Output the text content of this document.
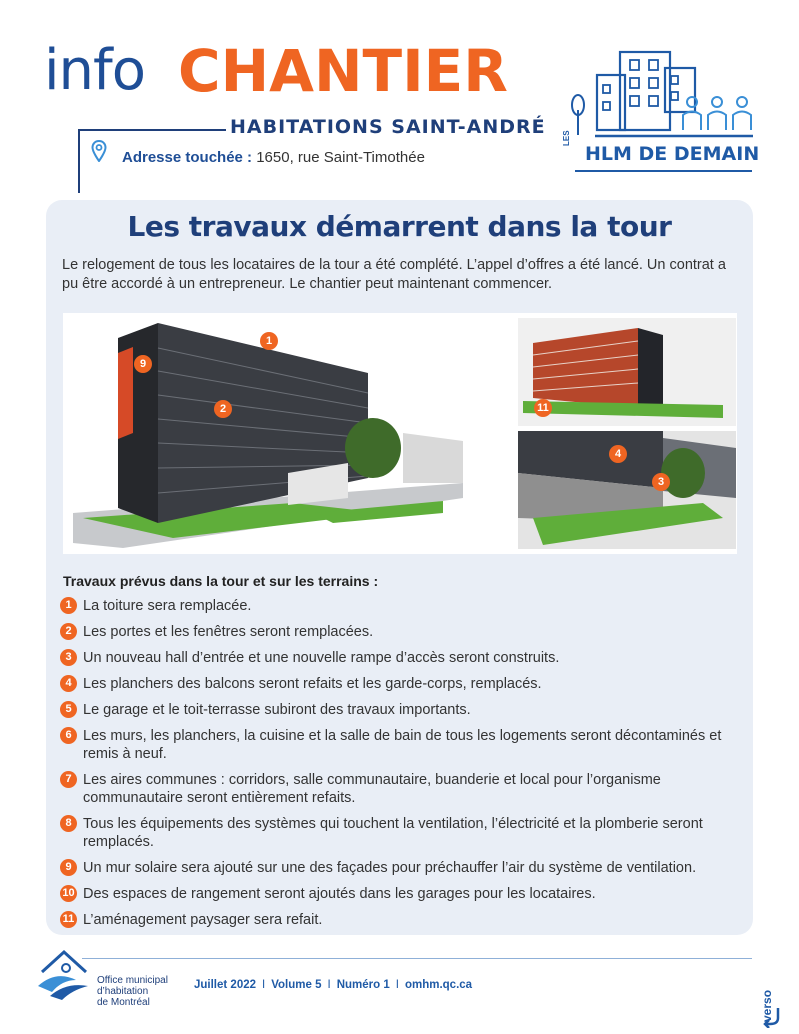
info CHANTIER
HABITATIONS SAINT-ANDRÉ
Adresse touchée : 1650, rue Saint-Timothée
LES
HLM DE DEMAIN
Les travaux démarrent dans la tour
Le relogement de tous les locataires de la tour a été complété. L’appel d’offres a été lancé. Un contrat a pu être accordé à un entrepreneur. Le chantier peut maintenant commencer.
1
9
2	11
4
3
Travaux prévus dans la tour et sur les terrains :
1 La toiture sera remplacée.
2 Les portes et les fenêtres seront remplacées.
3 Un nouveau hall d’entrée et une nouvelle rampe d’accès seront construits.
4 Les planchers des balcons seront refaits et les garde-corps, remplacés.
5 Le garage et le toit-terrasse subiront des travaux importants.
6 Les murs, les planchers, la cuisine et la salle de bain de tous les logements seront décontaminés et remis à neuf.
7 Les aires communes : corridors, salle communautaire, buanderie et local pour l’organisme communautaire seront entièrement refaits.
8 Tous les équipements des systèmes qui touchent la ventilation, l’électricité et la plomberie seront remplacés.
9 Un mur solaire sera ajouté sur une des façades pour préchauffer l’air du système de ventilation.
10 Des espaces de rangement seront ajoutés dans les garages pour les locataires.
11 L’aménagement paysager sera refait.
Office municipal
d’habitation
de Montréal
Juillet 2022 I Volume 5 I Numéro 1 I omhm.qc.ca
verso
